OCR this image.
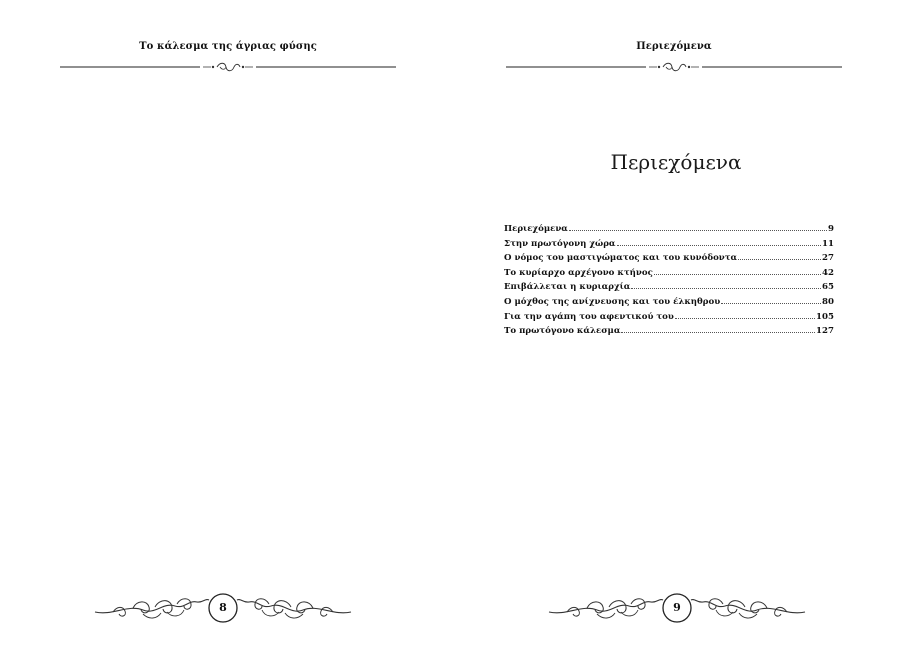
Το κάλεσμα της άγριας φύσης
8
Περιεχόμενα
Περιεχόμενα
Περιεχόμενα	9
Στην πρωτόγονη χώρα	11
Ο νόμος του μαστιγώματος και του κυνόδοντα	27
Το κυρίαρχο αρχέγονο κτήνος	42
Επιβάλλεται η κυριαρχία	65
Ο μόχθος της ανίχνευσης και του έλκηθρου	80
Για την αγάπη του αφεντικού του	105
Το πρωτόγονο κάλεσμα	127
9
